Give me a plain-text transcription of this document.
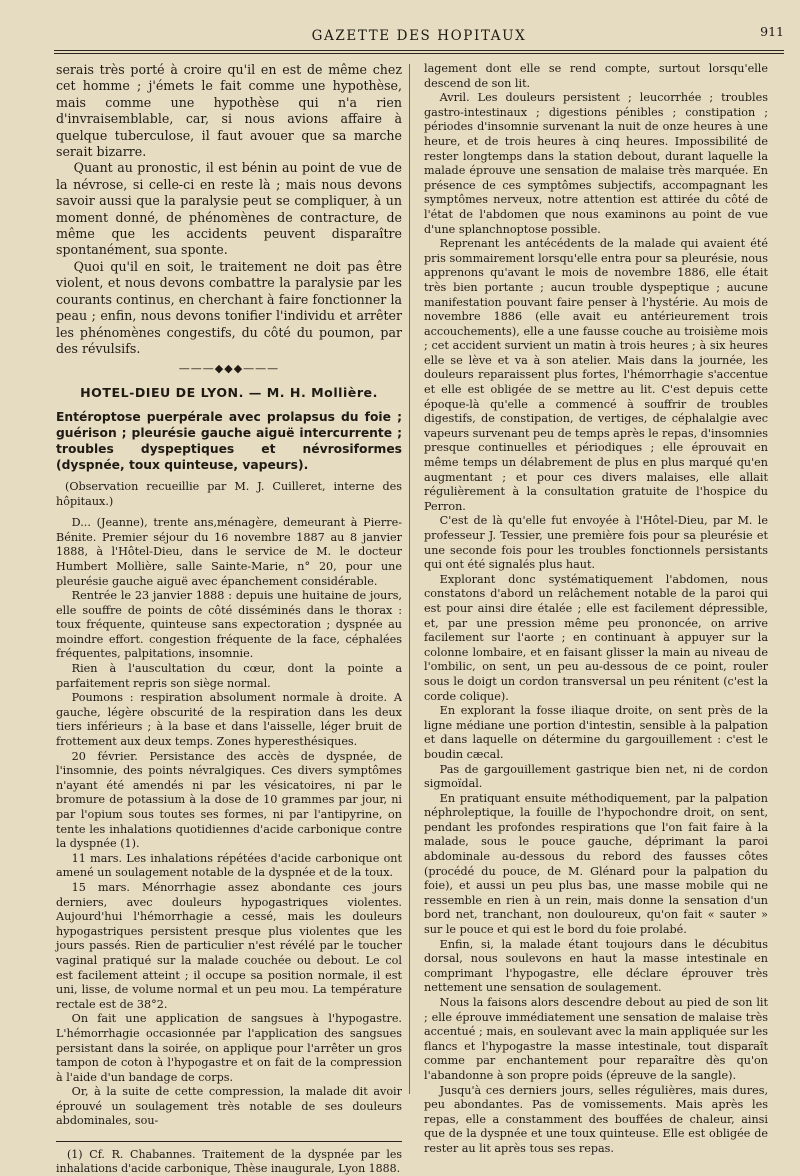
GAZETTE DES HOPITAUX	911

serais très porté à croire qu'il en est de même chez cet homme ; j'émets le fait comme une hypothèse, mais comme une hypothèse qui n'a rien d'invraisemblable, car, si nous avions affaire à quelque tuberculose, il faut avouer que sa marche serait bizarre.

Quant au pronostic, il est bénin au point de vue de la névrose, si celle-ci en reste là ; mais nous devons savoir aussi que la paralysie peut se compliquer, à un moment donné, de phénomènes de contracture, de même que les accidents peuvent disparaître spontanément, sua sponte.

Quoi qu'il en soit, le traitement ne doit pas être violent, et nous devons combattre la paralysie par les courants continus, en cherchant à faire fonctionner la peau ; enfin, nous devons tonifier l'individu et arrêter les phénomènes congestifs, du côté du poumon, par des révulsifs.

———◆◆◆———
HOTEL-DIEU DE LYON. — M. H. Mollière.

Entéroptose puerpérale avec prolapsus du foie ; guérison ; pleurésie gauche aiguë intercurrente ; troubles dyspeptiques et névrosiformes (dyspnée, toux quinteuse, vapeurs).

(Observation recueillie par M. J. Cuilleret, interne des hôpitaux.)

D... (Jeanne), trente ans,ménagère, demeurant à Pierre-Bénite. Premier séjour du 16 novembre 1887 au 8 janvier 1888, à l'Hôtel-Dieu, dans le service de M. le docteur Humbert Mollière, salle Sainte-Marie, n° 20, pour une pleurésie gauche aiguë avec épanchement considérable.

Rentrée le 23 janvier 1888 : depuis une huitaine de jours, elle souffre de points de côté disséminés dans le thorax : toux fréquente, quinteuse sans expectoration ; dyspnée au moindre effort. congestion fréquente de la face, céphalées fréquentes, palpitations, insomnie.

Rien à l'auscultation du cœur, dont la pointe a parfaitement repris son siège normal.

Poumons : respiration absolument normale à droite. A gauche, légère obscurité de la respiration dans les deux tiers inférieurs ; à la base et dans l'aisselle, léger bruit de frottement aux deux temps. Zones hyperesthésiques.

20 février. Persistance des accès de dyspnée, de l'insomnie, des points névralgiques. Ces divers symptômes n'ayant été amendés ni par les vésicatoires, ni par le bromure de potassium à la dose de 10 grammes par jour, ni par l'opium sous toutes ses formes, ni par l'antipyrine, on tente les inhalations quotidiennes d'acide carbonique contre la dyspnée (1).

11 mars. Les inhalations répétées d'acide carbonique ont amené un soulagement notable de la dyspnée et de la toux.

15 mars. Ménorrhagie assez abondante ces jours derniers, avec douleurs hypogastriques violentes. Aujourd'hui l'hémorrhagie a cessé, mais les douleurs hypogastriques persistent presque plus violentes que les jours passés. Rien de particulier n'est révélé par le toucher vaginal pratiqué sur la malade couchée ou debout. Le col est facilement atteint ; il occupe sa position normale, il est uni, lisse, de volume normal et un peu mou. La température rectale est de 38°2.

On fait une application de sangsues à l'hypogastre. L'hémorrhagie occasionnée par l'application des sangsues persistant dans la soirée, on applique pour l'arrêter un gros tampon de coton à l'hypogastre et on fait de la compression à l'aide d'un bandage de corps.

Or, à la suite de cette compression, la malade dit avoir éprouvé un soulagement très notable de ses douleurs abdominales, sou-

(1) Cf. R. Chabannes. Traitement de la dyspnée par les inhalations d'acide carbonique, Thèse inaugurale, Lyon 1888.

lagement dont elle se rend compte, surtout lorsqu'elle descend de son lit.

Avril. Les douleurs persistent ; leucorrhée ; troubles gastro-intestinaux ; digestions pénibles ; constipation ; périodes d'insomnie survenant la nuit de onze heures à une heure, et de trois heures à cinq heures. Impossibilité de rester longtemps dans la station debout, durant laquelle la malade éprouve une sensation de malaise très marquée. En présence de ces symptômes subjectifs, accompagnant les symptômes nerveux, notre attention est attirée du côté de l'état de l'abdomen que nous examinons au point de vue d'une splanchnoptose possible.

Reprenant les antécédents de la malade qui avaient été pris sommairement lorsqu'elle entra pour sa pleurésie, nous apprenons qu'avant le mois de novembre 1886, elle était très bien portante ; aucun trouble dyspeptique ; aucune manifestation pouvant faire penser à l'hystérie. Au mois de novembre 1886 (elle avait eu antérieurement trois accouchements), elle a une fausse couche au troisième mois ; cet accident survient un matin à trois heures ; à six heures elle se lève et va à son atelier. Mais dans la journée, les douleurs reparaissent plus fortes, l'hémorrhagie s'accentue et elle est obligée de se mettre au lit. C'est depuis cette époque-là qu'elle a commencé à souffrir de troubles digestifs, de constipation, de vertiges, de céphalalgie avec vapeurs survenant peu de temps après le repas, d'insomnies presque continuelles et périodiques ; elle éprouvait en même temps un délabrement de plus en plus marqué qu'en augmentant ; et pour ces divers malaises, elle allait régulièrement à la consultation gratuite de l'hospice du Perron.

C'est de là qu'elle fut envoyée à l'Hôtel-Dieu, par M. le professeur J. Tessier, une première fois pour sa pleurésie et une seconde fois pour les troubles fonctionnels persistants qui ont été signalés plus haut.

Explorant donc systématiquement l'abdomen, nous constatons d'abord un relâchement notable de la paroi qui est pour ainsi dire étalée ; elle est facilement dépressible, et, par une pression même peu prononcée, on arrive facilement sur l'aorte ; en continuant à appuyer sur la colonne lombaire, et en faisant glisser la main au niveau de l'ombilic, on sent, un peu au-dessous de ce point, rouler sous le doigt un cordon transversal un peu rénitent (c'est la corde colique).

En explorant la fosse iliaque droite, on sent près de la ligne médiane une portion d'intestin, sensible à la palpation et dans laquelle on détermine du gargouillement : c'est le boudin cæcal.

Pas de gargouillement gastrique bien net, ni de cordon sigmoïdal.

En pratiquant ensuite méthodiquement, par la palpation néphroleptique, la fouille de l'hypochondre droit, on sent, pendant les profondes respirations que l'on fait faire à la malade, sous le pouce gauche, déprimant la paroi abdominale au-dessous du rebord des fausses côtes (procédé du pouce, de M. Glénard pour la palpation du foie), et aussi un peu plus bas, une masse mobile qui ne ressemble en rien à un rein, mais donne la sensation d'un bord net, tranchant, non douloureux, qu'on fait « sauter » sur le pouce et qui est le bord du foie prolabé.

Enfin, si, la malade étant toujours dans le décubitus dorsal, nous soulevons en haut la masse intestinale en comprimant l'hypogastre, elle déclare éprouver très nettement une sensation de soulagement.

Nous la faisons alors descendre debout au pied de son lit ; elle éprouve immédiatement une sensation de malaise très accentué ; mais, en soulevant avec la main appliquée sur les flancs et l'hypogastre la masse intestinale, tout disparaît comme par enchantement pour reparaître dès qu'on l'abandonne à son propre poids (épreuve de la sangle).

Jusqu'à ces derniers jours, selles régulières, mais dures, peu abondantes. Pas de vomissements. Mais après les repas, elle a constamment des bouffées de chaleur, ainsi que de la dyspnée et une toux quinteuse. Elle est obligée de rester au lit après tous ses repas.
